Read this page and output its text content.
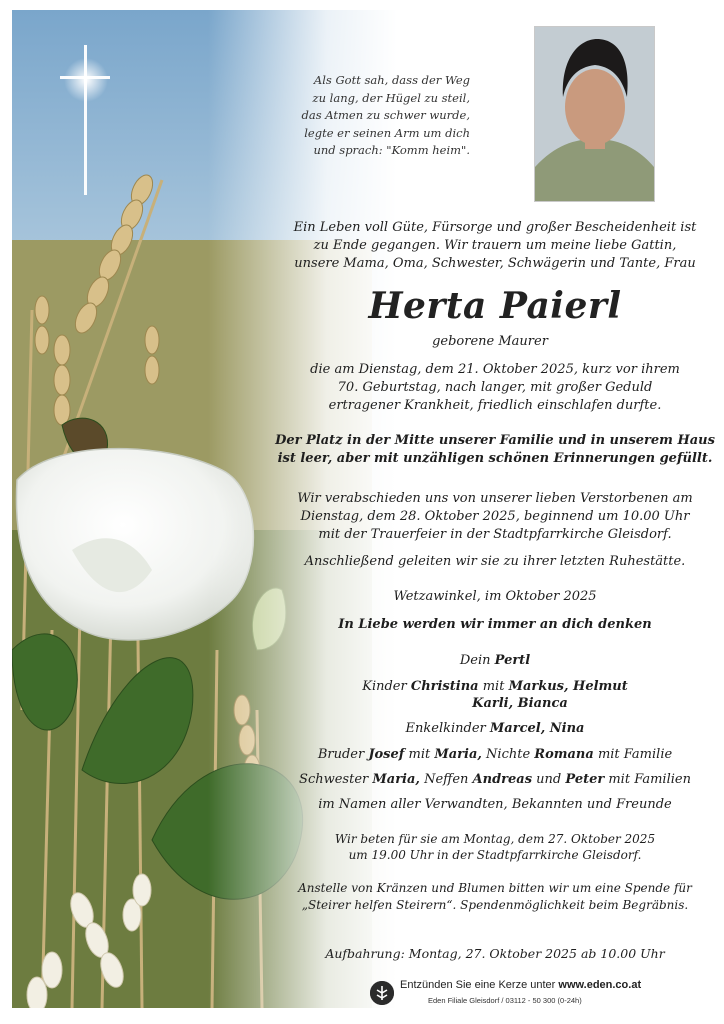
Als Gott sah, dass der Weg
zu lang, der Hügel zu steil,
das Atmen zu schwer wurde,
legte er seinen Arm um dich
und sprach: "Komm heim".
Ein Leben voll Güte, Fürsorge und großer Bescheidenheit ist
zu Ende gegangen. Wir trauern um meine liebe Gattin,
unsere Mama, Oma, Schwester, Schwägerin und Tante, Frau
Herta Paierl
geborene Maurer
die am Dienstag, dem 21. Oktober 2025, kurz vor ihrem
70. Geburtstag, nach langer, mit großer Geduld
ertragener Krankheit, friedlich einschlafen durfte.
Der Platz in der Mitte unserer Familie und in unserem Haus
ist leer, aber mit unzähligen schönen Erinnerungen gefüllt.
Wir verabschieden uns von unserer lieben Verstorbenen am
Dienstag, dem 28. Oktober 2025, beginnend um 10.00 Uhr
mit der Trauerfeier in der Stadtpfarrkirche Gleisdorf.
Anschließend geleiten wir sie zu ihrer letzten Ruhestätte.
Wetzawinkel, im Oktober 2025
In Liebe werden wir immer an dich denken
Dein Pertl
Kinder Christina mit Markus, Helmut
Karli, Bianca
Enkelkinder Marcel, Nina
Bruder Josef mit Maria, Nichte Romana mit Familie
Schwester Maria, Neffen Andreas und Peter mit Familien
im Namen aller Verwandten, Bekannten und Freunde
Wir beten für sie am Montag, dem 27. Oktober 2025
um 19.00 Uhr in der Stadtpfarrkirche Gleisdorf.
Anstelle von Kränzen und Blumen bitten wir um eine Spende für
„Steirer helfen Steirern“. Spendenmöglichkeit beim Begräbnis.
Aufbahrung: Montag, 27. Oktober 2025 ab 10.00 Uhr
Entzünden Sie eine Kerze unter www.eden.co.at
Eden Filiale Gleisdorf / 03112 - 50 300 (0-24h)
